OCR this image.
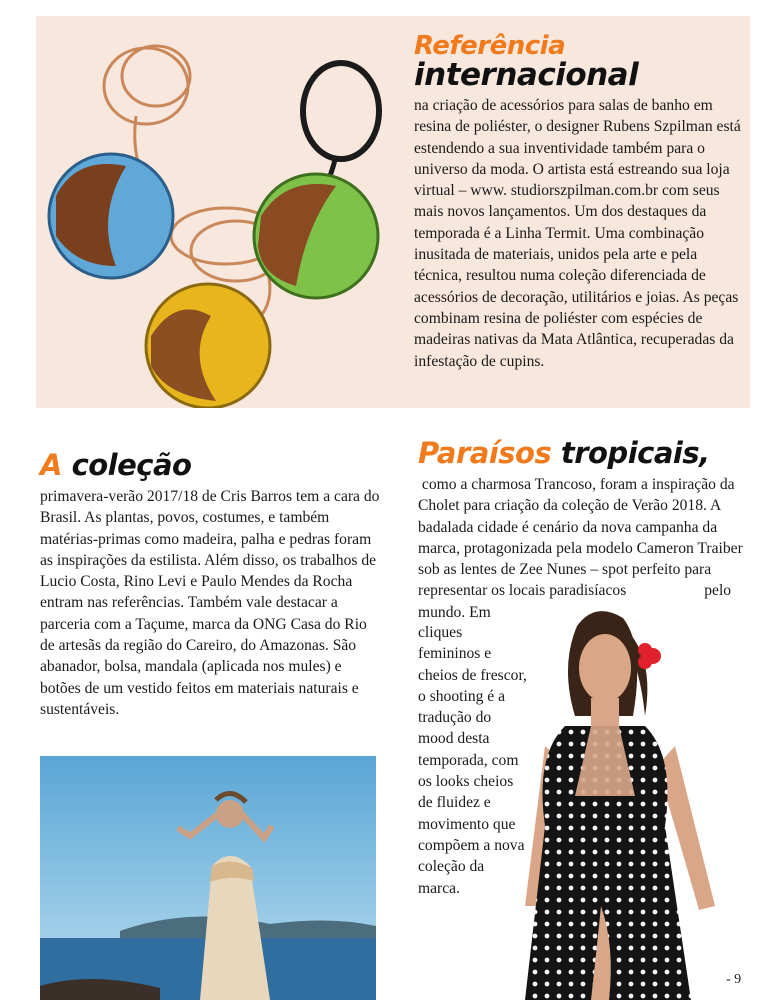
Referência
internacional

na criação de acessórios para salas de banho em resina de poliéster, o designer Rubens Szpilman está estendendo a sua inventividade também para o universo da moda. O artista está estreando sua loja virtual – www. studiorszpilman.com.br com seus mais novos lançamentos. Um dos destaques da temporada é a Linha Termit. Uma combinação inusitada de materiais, unidos pela arte e pela técnica, resultou numa coleção diferenciada de acessórios de decoração, utilitários e joias. As peças combinam resina de poliéster com espécies de madeiras nativas da Mata Atlântica, recuperadas da infestação de cupins.

A coleção

primavera-verão 2017/18 de Cris Barros tem a cara do Brasil. As plantas, povos, costumes, e também matérias-primas como madeira, palha e pedras foram as inspirações da estilista. Além disso, os trabalhos de Lucio Costa, Rino Levi e Paulo Mendes da Rocha entram nas referências. Também vale destacar a parceria com a Taçume, marca da ONG Casa do Rio de artesãs da região do Careiro, do Amazonas. São abanador, bolsa, mandala (aplicada nos mules) e botões de um vestido feitos em materiais naturais e sustentáveis.

Paraísos tropicais,

como a charmosa Trancoso, foram a inspiração da Cholet para criação da coleção de Verão 2018. A badalada cidade é cenário da nova campanha da marca, protagonizada pela modelo Cameron Traiber sob as lentes de Zee Nunes – spot perfeito para representar os locais paradisíacos                    pelo mundo. Em

cliques femininos e cheios de frescor, o shooting é a tradução do mood desta temporada, com os looks cheios de fluidez e movimento que compõem a nova coleção da marca.

- 9
